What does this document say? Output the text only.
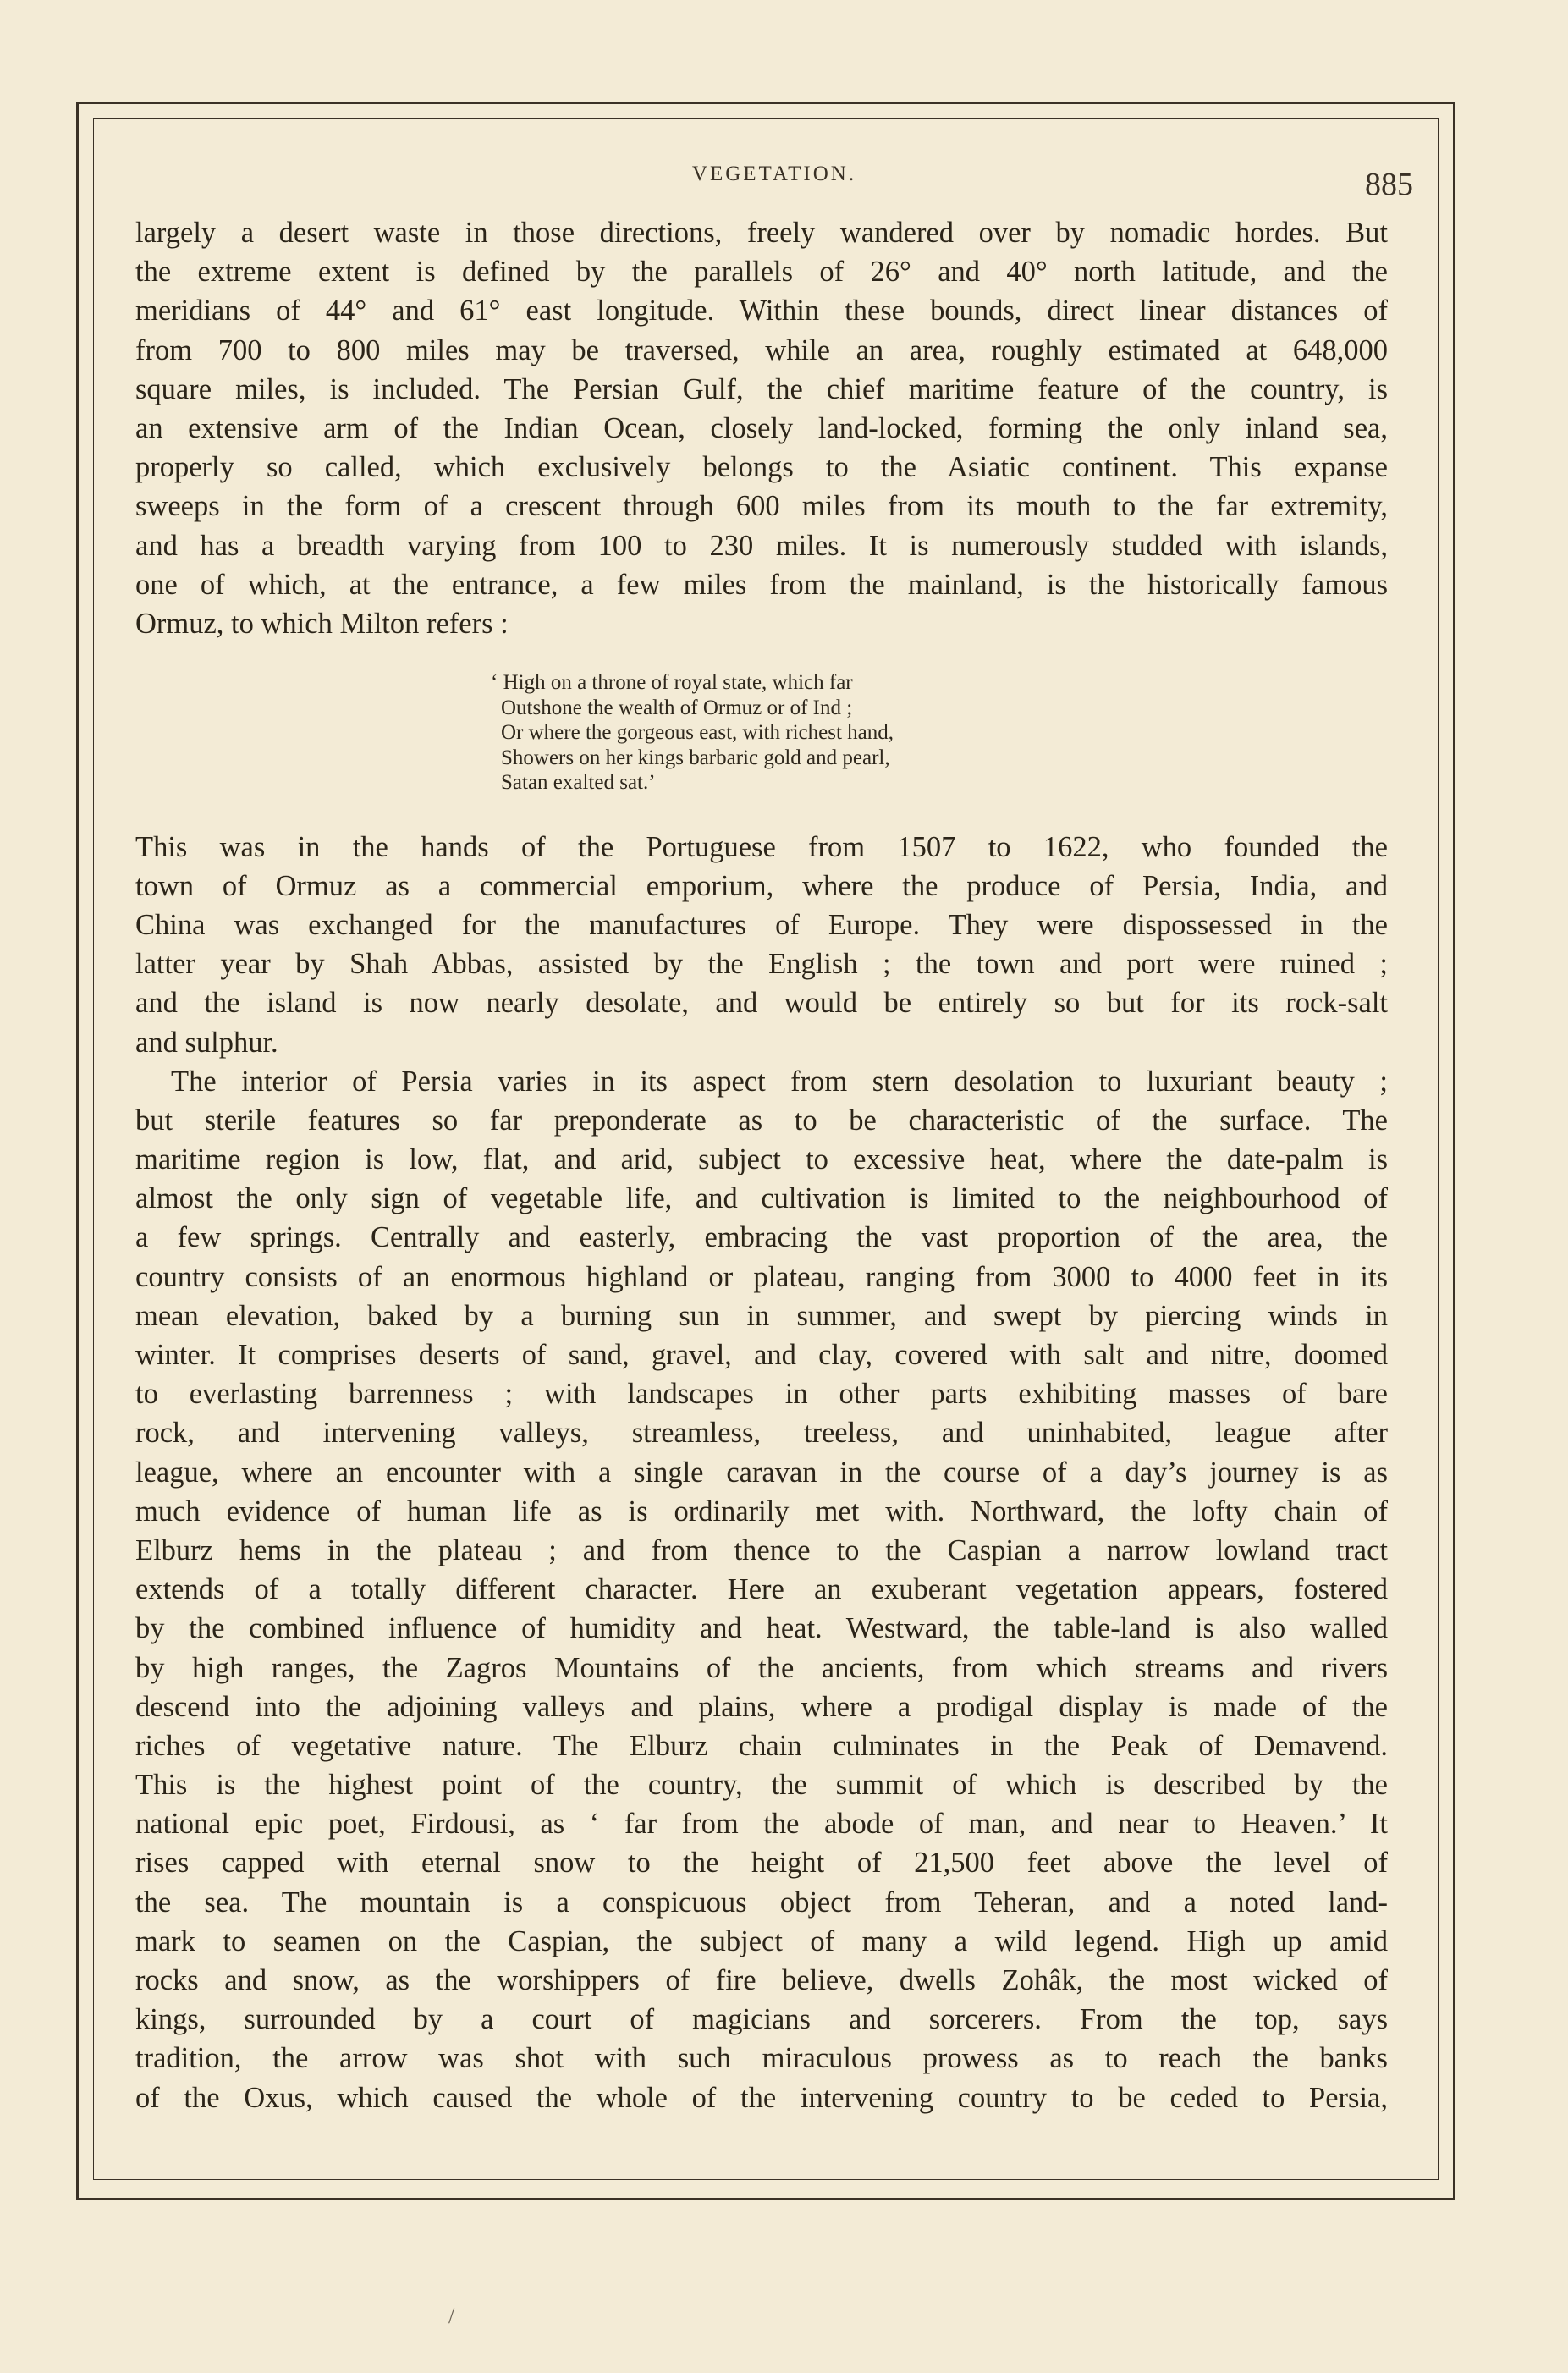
VEGETATION.	885
largely a desert waste in those directions, freely wandered over by nomadic hordes. But
the extreme extent is defined by the parallels of 26° and 40° north latitude, and the
meridians of 44° and 61° east longitude. Within these bounds, direct linear distances of
from 700 to 800 miles may be traversed, while an area, roughly estimated at 648,000
square miles, is included. The Persian Gulf, the chief maritime feature of the country, is
an extensive arm of the Indian Ocean, closely land-locked, forming the only inland sea,
properly so called, which exclusively belongs to the Asiatic continent. This expanse
sweeps in the form of a crescent through 600 miles from its mouth to the far extremity,
and has a breadth varying from 100 to 230 miles. It is numerously studded with islands,
one of which, at the entrance, a few miles from the mainland, is the historically famous
Ormuz, to which Milton refers :
‘ High on a throne of royal state, which far
Outshone the wealth of Ormuz or of Ind ;
Or where the gorgeous east, with richest hand,
Showers on her kings barbaric gold and pearl,
Satan exalted sat.’
This was in the hands of the Portuguese from 1507 to 1622, who founded the
town of Ormuz as a commercial emporium, where the produce of Persia, India, and
China was exchanged for the manufactures of Europe. They were dispossessed in the
latter year by Shah Abbas, assisted by the English ; the town and port were ruined ;
and the island is now nearly desolate, and would be entirely so but for its rock-salt
and sulphur.
The interior of Persia varies in its aspect from stern desolation to luxuriant beauty ;
but sterile features so far preponderate as to be characteristic of the surface. The
maritime region is low, flat, and arid, subject to excessive heat, where the date-palm is
almost the only sign of vegetable life, and cultivation is limited to the neighbourhood of
a few springs. Centrally and easterly, embracing the vast proportion of the area, the
country consists of an enormous highland or plateau, ranging from 3000 to 4000 feet in its
mean elevation, baked by a burning sun in summer, and swept by piercing winds in
winter. It comprises deserts of sand, gravel, and clay, covered with salt and nitre, doomed
to everlasting barrenness ; with landscapes in other parts exhibiting masses of bare
rock, and intervening valleys, streamless, treeless, and uninhabited, league after
league, where an encounter with a single caravan in the course of a day’s journey is as
much evidence of human life as is ordinarily met with. Northward, the lofty chain of
Elburz hems in the plateau ; and from thence to the Caspian a narrow lowland tract
extends of a totally different character. Here an exuberant vegetation appears, fostered
by the combined influence of humidity and heat. Westward, the table-land is also walled
by high ranges, the Zagros Mountains of the ancients, from which streams and rivers
descend into the adjoining valleys and plains, where a prodigal display is made of the
riches of vegetative nature. The Elburz chain culminates in the Peak of Demavend.
This is the highest point of the country, the summit of which is described by the
national epic poet, Firdousi, as ‘ far from the abode of man, and near to Heaven.’ It
rises capped with eternal snow to the height of 21,500 feet above the level of
the sea. The mountain is a conspicuous object from Teheran, and a noted land-
mark to seamen on the Caspian, the subject of many a wild legend. High up amid
rocks and snow, as the worshippers of fire believe, dwells Zohâk, the most wicked of
kings, surrounded by a court of magicians and sorcerers. From the top, says
tradition, the arrow was shot with such miraculous prowess as to reach the banks
of the Oxus, which caused the whole of the intervening country to be ceded to Persia,
/
